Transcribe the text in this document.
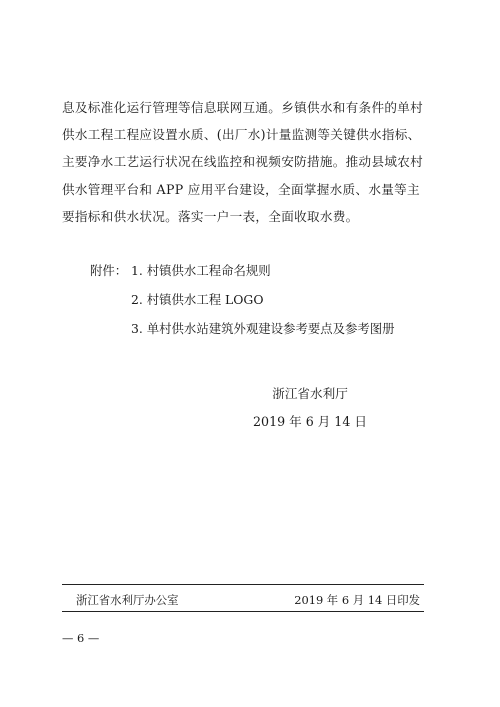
息及标准化运行管理等信息联网互通。乡镇供水和有条件的单村
供水工程工程应设置水质、(出厂水)计量监测等关键供水指标、
主要净水工艺运行状况在线监控和视频安防措施。推动县域农村
供水管理平台和 APP 应用平台建设，全面掌握水质、水量等主
要指标和供水状况。落实一户一表，全面收取水费。
附件： 1. 村镇供水工程命名规则
2. 村镇供水工程 LOGO
3. 单村供水站建筑外观建设参考要点及参考图册
浙江省水利厅
2019 年 6 月 14 日
浙江省水利厅办公室	2019 年 6 月 14 日印发
— 6 —
